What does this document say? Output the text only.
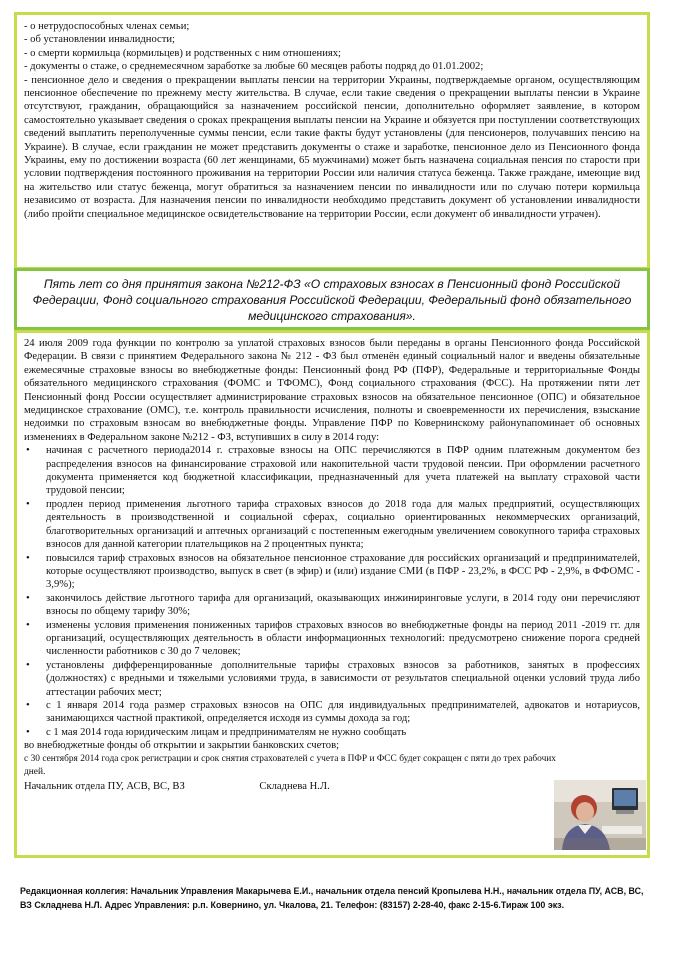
- о нетрудоспособных членах семьи;

- об установлении инвалидности;

- о смерти кормильца (кормильцев) и родственных с ним отношениях;

- документы о стаже, о среднемесячном заработке за любые 60 месяцев работы подряд до 01.01.2002;

- пенсионное дело и сведения о прекращении выплаты пенсии на территории Украины, подтверждаемые органом, осуществляющим пенсионное обеспечение по прежнему месту жительства. В случае, если такие сведения о прекращении выплаты пенсии в Украине отсутствуют, гражданин, обращающийся за назначением российской пенсии, дополнительно оформляет заявление, в котором самостоятельно указывает сведения о сроках прекращения выплаты пенсии на Украине и обязуется при поступлении соответствующих сведений выплатить переполученные суммы пенсии, если такие факты будут установлены (для пенсионеров, получавших пенсию на Украине). В случае, если гражданин не может представить документы о стаже и заработке, пенсионное дело из Пенсионного фонда Украины, ему по достижении возраста (60 лет женщинами, 65 мужчинами) может быть назначена социальная пенсия по старости при условии подтверждения постоянного проживания на территории России или наличия статуса беженца. Также граждане, имеющие вид на жительство или статус беженца, могут обратиться за назначением пенсии по инвалидности или по случаю потери кормильца независимо от возраста. Для назначения пенсии по инвалидности необходимо представить документ об установлении инвалидности (либо пройти специальное медицинское освидетельствование на территории России, если документ об инвалидности утрачен).

Пять лет со дня принятия закона №212-ФЗ «О страховых взносах в Пенсионный фонд Российской Федерации, Фонд социального страхования Российской Федерации, Федеральный фонд обязательного медицинского страхования».

24 июля 2009 года функции по контролю за уплатой страховых взносов были переданы в органы Пенсионного фонда Российской Федерации. В связи с принятием Федерального закона № 212 - ФЗ был отменён единый социальный налог и введены обязательные ежемесячные страховые взносы во внебюджетные фонды: Пенсионный фонд РФ (ПФР), Федеральные и территориальные Фонды обязательного медицинского страхования (ФОМС и ТФОМС), Фонд социального страхования (ФСС). На протяжении пяти лет Пенсионный фонд России осуществляет администрирование страховых взносов на обязательное пенсионное (ОПС) и обязательное медицинское страхование (ОМС), т.е. контроль правильности исчисления, полноты и своевременности их перечисления, взыскание недоимки по страховым взносам во внебюджетные фонды. Управление ПФР по Ковернинскому районуnaпоминает об основных изменениях в Федеральном законе №212 - ФЗ, вступивших в силу в 2014 году:

•	начиная с расчетного периода2014 г. страховые взносы на ОПС перечисляются в ПФР одним платежным документом без распределения взносов на финансирование страховой или накопительной части трудовой пенсии. При оформлении расчетного документа применяется код бюджетной классификации, предназначенный для учета платежей на выплату страховой части трудовой пенсии;
•	продлен период применения льготного тарифа страховых взносов до 2018 года для малых предприятий, осуществляющих деятельность в производственной и социальной сферах, социально ориентированных некоммерческих организаций, благотворительных организаций и аптечных организаций с постепенным ежегодным увеличением совокупного тарифа страховых взносов для данной категории плательщиков на 2 процентных пункта;
•	повысился тариф страховых взносов на обязательное пенсионное страхование для российских организаций и предпринимателей, которые осуществляют производство, выпуск в свет (в эфир) и (или) издание СМИ (в ПФР - 23,2%, в ФСС РФ - 2,9%, в ФФОМС - 3,9%);
•	закончилось действие льготного тарифа для организаций, оказывающих инжиниринговые услуги, в 2014 году они перечисляют взносы по общему тарифу 30%;
•	изменены условия применения пониженных тарифов страховых взносов во внебюджетные фонды на период 2011 -2019 гг. для организаций, осуществляющих деятельность в области информационных технологий: предусмотрено снижение порога средней численности работников с 30 до 7 человек;
•	установлены дифференцированные дополнительные тарифы страховых взносов за работников, занятых в профессиях (должностях) с вредными и тяжелыми условиями труда, в зависимости от результатов специальной оценки условий труда либо аттестации рабочих мест;
•	с 1 января 2014 года размер страховых взносов на ОПС для индивидуальных предпринимателей, адвокатов и нотариусов, занимающихся частной практикой, определяется исходя из суммы дохода за год;
•	с 1 мая 2014 года юридическим лицам и предпринимателям не нужно сообщать

во внебюджетные фонды об открытии и закрытии банковских счетов;

с 30 сентября 2014 года срок регистрации и срок снятия страхователей с учета в ПФР и ФСС будет сокращен с пяти до трех рабочих дней.

Начальник отдела ПУ, АСВ, ВС, ВЗ	Складнева Н.Л.

Редакционная коллегия: Начальник Управления Макарычева Е.И., начальник отдела пенсий Кропылева Н.Н., начальник отдела ПУ, АСВ, ВС, ВЗ Складнева Н.Л. Адрес Управления: р.п. Ковернино, ул. Чкалова, 21. Телефон: (83157) 2-28-40, факс 2-15-6.Тираж 100 экз.
